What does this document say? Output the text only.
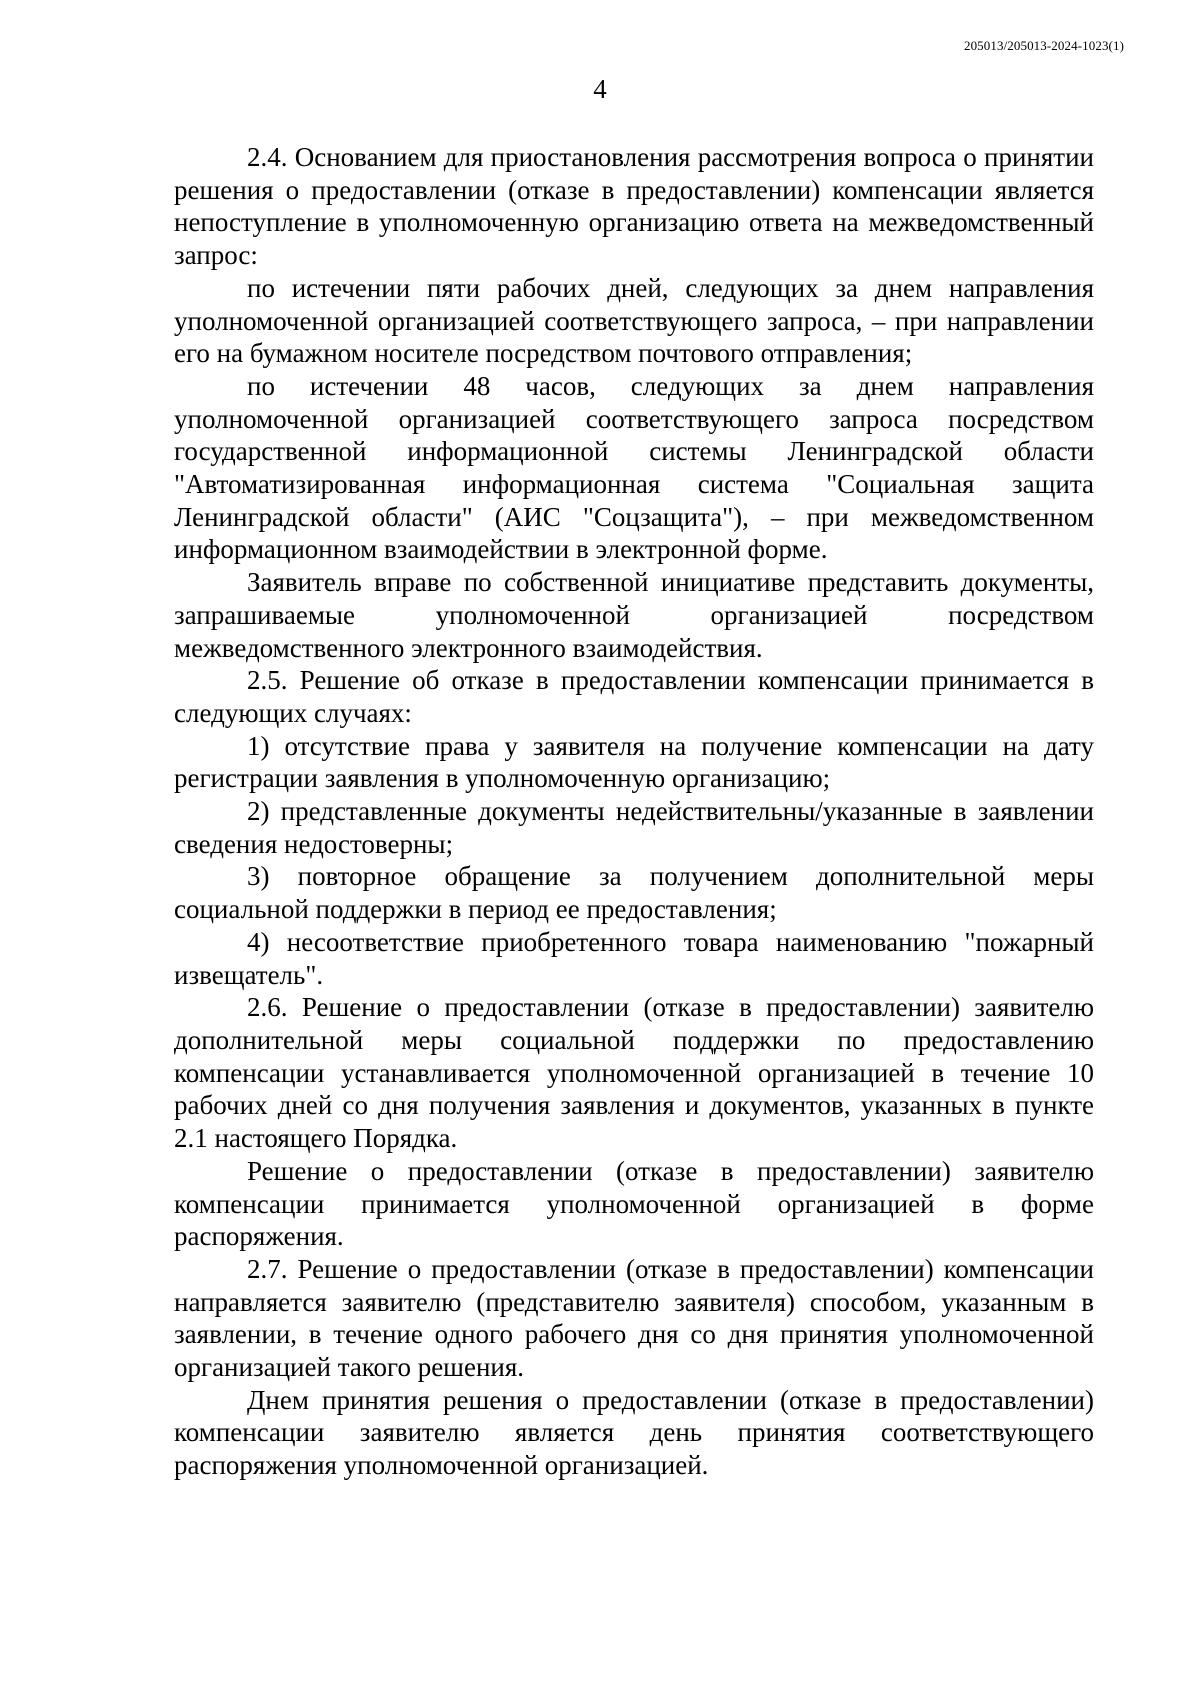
205013/205013-2024-1023(1)
4

2.4. Основанием для приостановления рассмотрения вопроса о принятии решения о предоставлении (отказе в предоставлении) компенсации является непоступление в уполномоченную организацию ответа на межведомственный запрос:

по истечении пяти рабочих дней, следующих за днем направления уполномоченной организацией соответствующего запроса, – при направлении его на бумажном носителе посредством почтового отправления;

по истечении 48 часов, следующих за днем направления уполномоченной организацией соответствующего запроса посредством государственной информационной системы Ленинградской области "Автоматизированная информационная система "Социальная защита Ленинградской области" (АИС "Соцзащита"), – при межведомственном информационном взаимодействии в электронной форме.

Заявитель вправе по собственной инициативе представить документы, запрашиваемые уполномоченной организацией посредством межведомственного электронного взаимодействия.

2.5. Решение об отказе в предоставлении компенсации принимается в следующих случаях:

1) отсутствие права у заявителя на получение компенсации на дату регистрации заявления в уполномоченную организацию;

2) представленные документы недействительны/указанные в заявлении сведения недостоверны;

3) повторное обращение за получением дополнительной меры социальной поддержки в период ее предоставления;

4) несоответствие приобретенного товара наименованию "пожарный извещатель".

2.6. Решение о предоставлении (отказе в предоставлении) заявителю дополнительной меры социальной поддержки по предоставлению компенсации устанавливается уполномоченной организацией в течение 10 рабочих дней со дня получения заявления и документов, указанных в пункте 2.1 настоящего Порядка.

Решение о предоставлении (отказе в предоставлении) заявителю компенсации принимается уполномоченной организацией в форме распоряжения.

2.7. Решение о предоставлении (отказе в предоставлении) компенсации направляется заявителю (представителю заявителя) способом, указанным в заявлении, в течение одного рабочего дня со дня принятия уполномоченной организацией такого решения.

Днем принятия решения о предоставлении (отказе в предоставлении) компенсации заявителю является день принятия соответствующего распоряжения уполномоченной организацией.
